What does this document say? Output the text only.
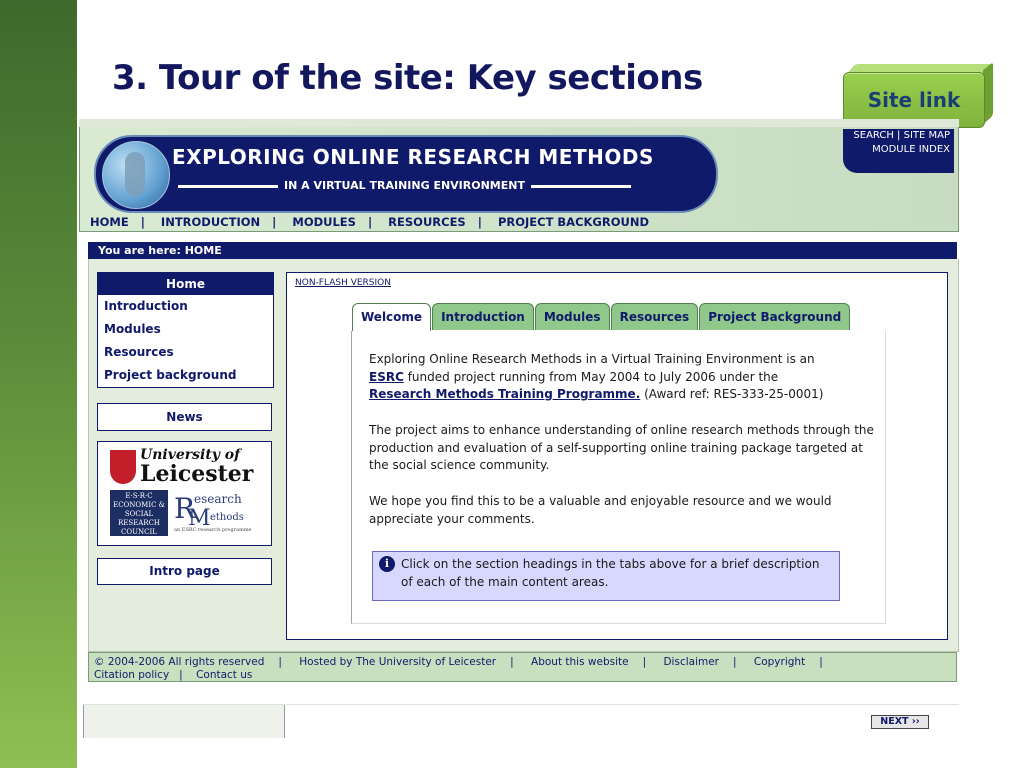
3. Tour of the site: Key sections
Site link
EXPLORING ONLINE RESEARCH METHODS
IN A VIRTUAL TRAINING ENVIRONMENT
SEARCH | SITE MAP
MODULE INDEX
HOME | INTRODUCTION | MODULES | RESOURCES | PROJECT BACKGROUND
You are here: HOME
Home
Introduction
Modules
Resources
Project background
News
University of
Leicester
E·S·R·C ECONOMIC & SOCIAL RESEARCH COUNCIL
R
esearch
M ethods
an ESRC research programme
Intro page
NON-FLASH VERSION
Welcome	Introduction	Modules	Resources	Project Background
Exploring Online Research Methods in a Virtual Training Environment is an
ESRC funded project running from May 2004 to July 2006 under the
Research Methods Training Programme. (Award ref: RES-333-25-0001)
The project aims to enhance understanding of online research methods through the production and evaluation of a self-supporting online training package targeted at the social science community.
We hope you find this to be a valuable and enjoyable resource and we would appreciate your comments.
i Click on the section headings in the tabs above for a brief description of each of the main content areas.
© 2004-2006 All rights reserved | Hosted by The University of Leicester | About this website | Disclaimer | Copyright |
Citation policy | Contact us
NEXT ››
